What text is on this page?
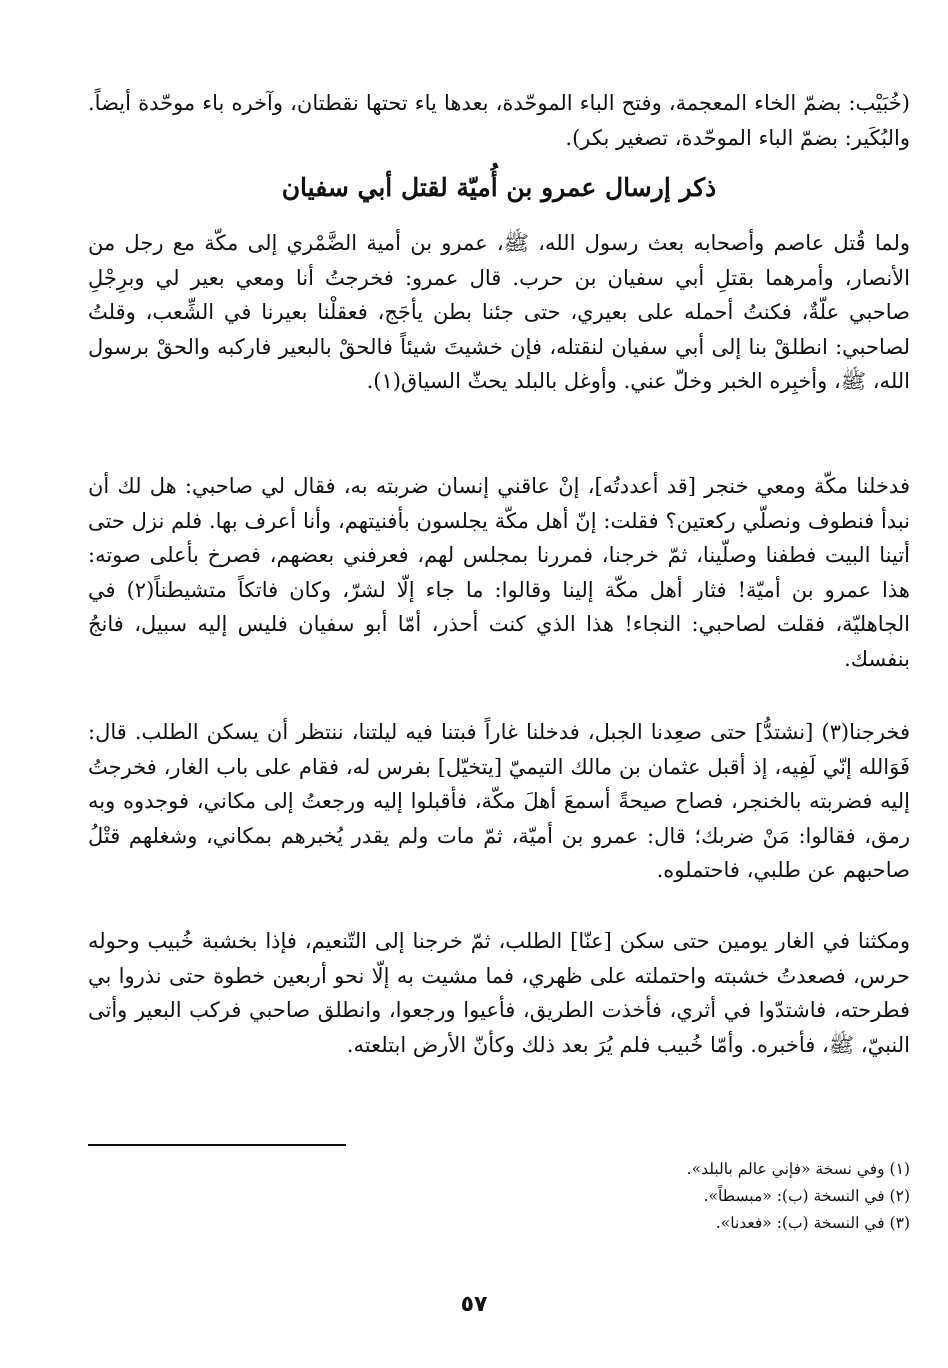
(خُبَيْب: بضمّ الخاء المعجمة، وفتح الباء الموحّدة، بعدها ياء تحتها نقطتان، وآخره باء موحّدة أيضاً. والبُكَير: بضمّ الباء الموحّدة، تصغير بكر).

ذكر إرسال عمرو بن أُميّة لقتل أبي سفيان

ولما قُتل عاصم وأصحابه بعث رسول الله، ﷺ، عمرو بن أمية الضَّمْري إلى مكّة مع رجل من الأنصار، وأمرهما بقتلِ أبي سفيان بن حرب. قال عمرو: فخرجتُ أنا ومعي بعير لي وبرِجْلِ صاحبي علّةٌ، فكنتُ أحمله على بعيري، حتى جئنا بطن يأجَج، فعقلْنا بعيرنا في الشِّعب، وقلتُ لصاحبي: انطلقْ بنا إلى أبي سفيان لنقتله، فإن خشيتَ شيئاً فالحقْ بالبعير فاركبه والحقْ برسول الله، ﷺ، وأخبِره الخبر وخلّ عني. وأوغل بالبلد يحثّ السياق(١).

فدخلنا مكّة ومعي خنجر [قد أعددتُه]، إنْ عاقني إنسان ضربته به، فقال لي صاحبي: هل لك أن نبدأ فنطوف ونصلّي ركعتين؟ فقلت: إنّ أهل مكّة يجلسون بأفنيتهم، وأنا أعرف بها. فلم نزل حتى أتينا البيت فطفنا وصلّينا، ثمّ خرجنا، فمررنا بمجلس لهم، فعرفني بعضهم، فصرخ بأعلى صوته: هذا عمرو بن أميّة! فثار أهل مكّة إلينا وقالوا: ما جاء إلّا لشرّ، وكان فاتكاً متشيطناً(٢) في الجاهليّة، فقلت لصاحبي: النجاء! هذا الذي كنت أحذر، أمّا أبو سفيان فليس إليه سبيل، فانجُ بنفسك.

فخرجنا(٣) [نشتدُّ] حتى صعِدنا الجبل، فدخلنا غاراً فبتنا فيه ليلتنا، ننتظر أن يسكن الطلب. قال: فَوَالله إنّي لَفِيه، إذ أقبل عثمان بن مالك التيميّ [يتخيّل] بفرس له، فقام على باب الغار، فخرجتُ إليه فضربته بالخنجر، فصاح صيحةً أسمعَ أهلَ مكّة، فأقبلوا إليه ورجعتُ إلى مكاني، فوجدوه وبه رمق، فقالوا: مَنْ ضربك؛ قال: عمرو بن أميّة، ثمّ مات ولم يقدر يُخبرهم بمكاني، وشغلهم قتْلُ صاحبهم عن طلبي، فاحتملوه.

ومكثنا في الغار يومين حتى سكن [عنّا] الطلب، ثمّ خرجنا إلى التّنعيم، فإذا بخشبة خُبيب وحوله حرس، فصعدتُ خشبته واحتملته على ظهري، فما مشيت به إلّا نحو أربعين خطوة حتى نذروا بي فطرحته، فاشتدّوا في أثري، فأخذت الطريق، فأعيوا ورجعوا، وانطلق صاحبي فركب البعير وأتى النبيّ، ﷺ، فأخبره. وأمّا خُبيب فلم يُرَ بعد ذلك وكأنّ الأرض ابتلعته.

(١) وفي نسخة «فإني عالم بالبلد».
(٢) في النسخة (ب): «مبسطاً».
(٣) في النسخة (ب): «فعدنا».
٥٧
